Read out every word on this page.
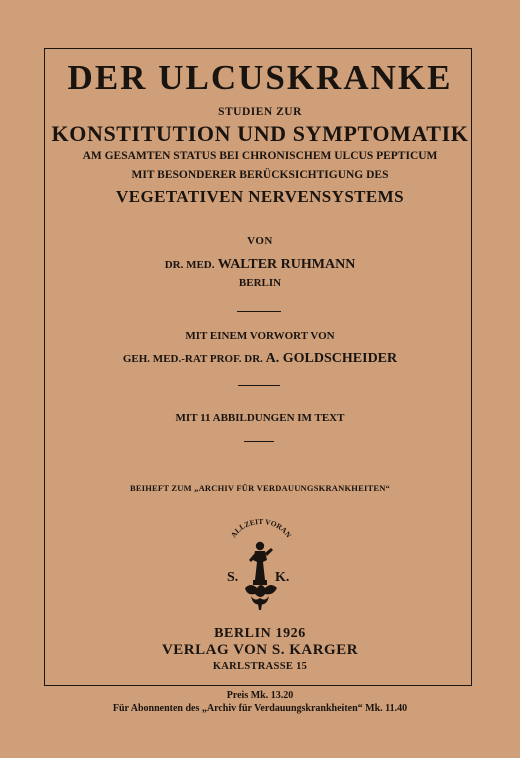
DER ULCUSKRANKE
STUDIEN ZUR
KONSTITUTION UND SYMPTOMATIK
AM GESAMTEN STATUS BEI CHRONISCHEM ULCUS PEPTICUM
MIT BESONDERER BERÜCKSICHTIGUNG DES
VEGETATIVEN NERVENSYSTEMS
VON
DR. MED. WALTER RUHMANN
BERLIN
MIT EINEM VORWORT VON
GEH. MED.-RAT PROF. DR. A. GOLDSCHEIDER
MIT 11 ABBILDUNGEN IM TEXT
BEIHEFT ZUM „ARCHIV FÜR VERDAUUNGSKRANKHEITEN“
ALLZEIT VORAN
S.	K.
BERLIN 1926
VERLAG VON S. KARGER
KARLSTRASSE 15
Preis Mk. 13.20
Für Abonnenten des „Archiv für Verdauungskrankheiten“ Mk. 11.40
